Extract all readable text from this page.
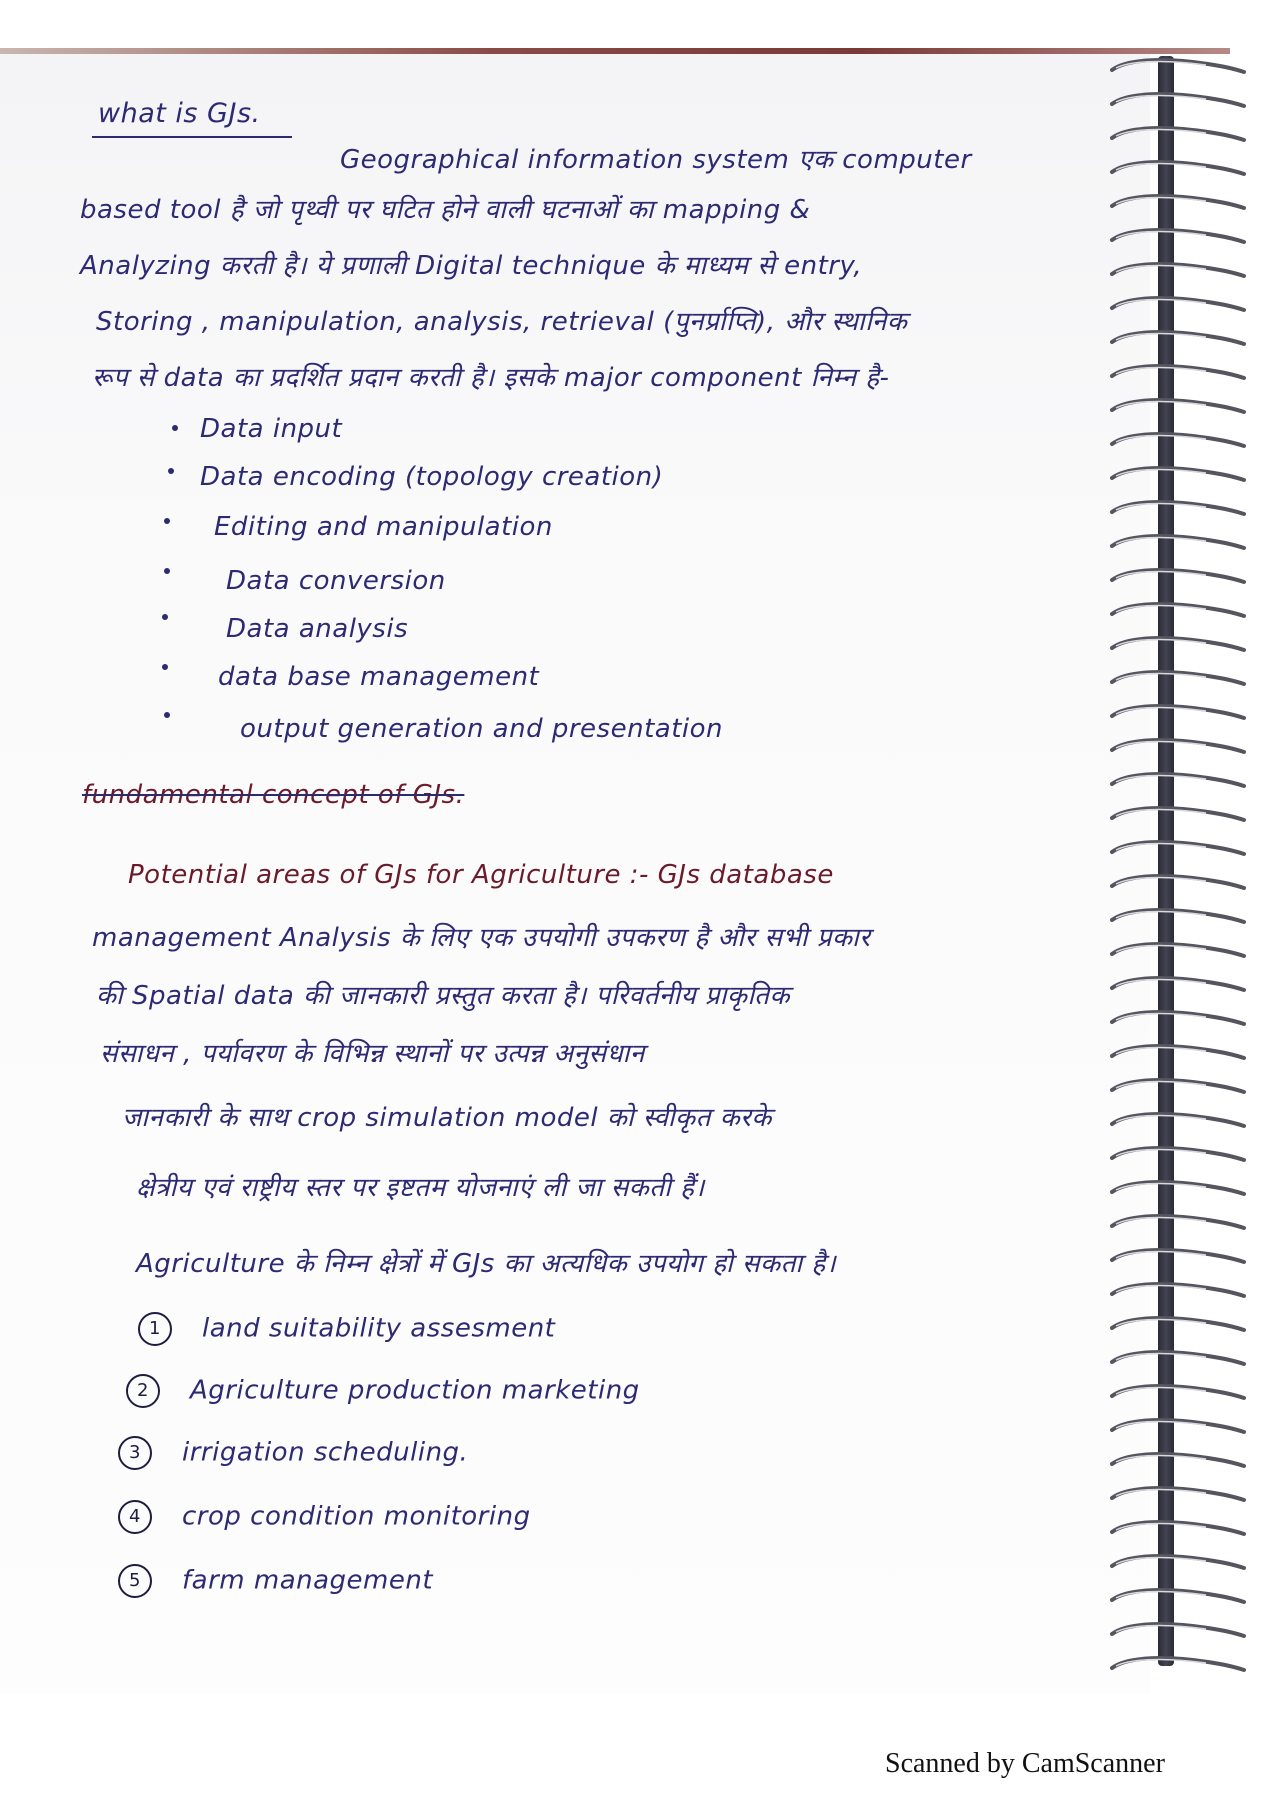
what is GJs.
Geographical information system एक computer
based tool है जो पृथ्वी पर घटित होने वाली घटनाओं का mapping &
Analyzing करती है। ये प्रणाली Digital technique के माध्यम से entry,
Storing , manipulation, analysis, retrieval (पुनर्प्राप्ति), और स्थानिक
रूप से data का प्रदर्शित प्रदान करती है। इसके major component निम्न है-
Data input
Data encoding (topology creation)
Editing and manipulation
Data conversion
Data analysis
data base management
output generation and presentation
fundamental concept of GJs.
Potential areas of GJs for Agriculture :- GJs database
management Analysis के लिए एक उपयोगी उपकरण है और सभी प्रकार
की Spatial data की जानकारी प्रस्तुत करता है। परिवर्तनीय प्राकृतिक
संसाधन , पर्यावरण के विभिन्न स्थानों पर उत्पन्न अनुसंधान
जानकारी के साथ crop simulation model को स्वीकृत करके
क्षेत्रीय एवं राष्ट्रीय स्तर पर इष्टतम योजनाएं ली जा सकती हैं।
Agriculture के निम्न क्षेत्रों में GJs का अत्यधिक उपयोग हो सकता है।
1 land suitability assesment
2 Agriculture production marketing
3 irrigation scheduling.
4 crop condition monitoring
5 farm management
Scanned by CamScanner
